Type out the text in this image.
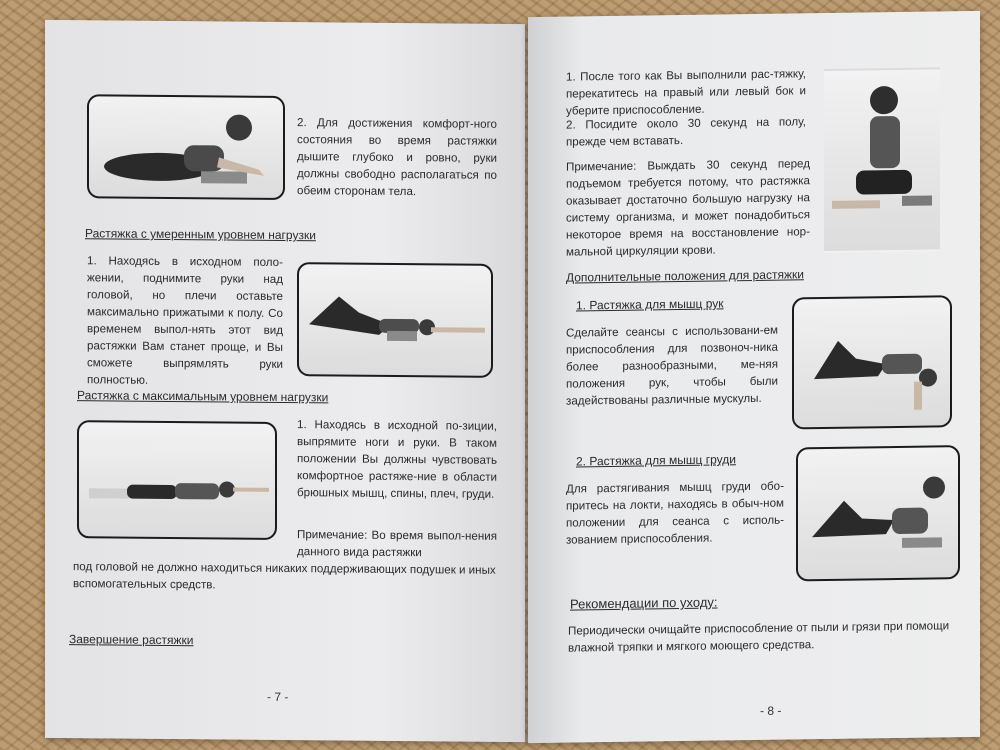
2. Для достижения комфорт-ного состояния во время растяжки дышите глубоко и ровно, руки должны свободно располагаться по обеим сторонам тела.
Растяжка с умеренным уровнем нагрузки
1. Находясь в исходном поло-жении, поднимите руки над головой, но плечи оставьте максимально прижатыми к полу. Со временем выпол-нять этот вид растяжки Вам станет проще, и Вы сможете выпрямлять руки полностью.
Растяжка с максимальным уровнем нагрузки
1. Находясь в исходной по-зиции, выпрямите ноги и руки. В таком положении Вы должны чувствовать комфортное растяже-ние в области брюшных мышц, спины, плеч, груди.
Примечание: Во время выпол-нения данного вида растяжки
под головой не должно находиться никаких поддерживающих подушек и иных вспомогательных средств.
Завершение растяжки
- 7 -
1. После того как Вы выполнили рас-тяжку, перекатитесь на правый или левый бок и уберите приспособление.
2. Посидите около 30 секунд на полу, прежде чем вставать.
Примечание: Выждать 30 секунд перед подъемом требуется потому, что растяжка оказывает достаточно большую нагрузку на систему организма, и может понадобиться некоторое время на восстановление нор-мальной циркуляции крови.
Дополнительные положения для растяжки
1. Растяжка для мышц рук
Сделайте сеансы с использовани-ем приспособления для позвоноч-ника более разнообразными, ме-няя положения рук, чтобы были задействованы различные мускулы.
2. Растяжка для мышц груди
Для растягивания мышц груди обо-притесь на локти, находясь в обыч-ном положении для сеанса с исполь-зованием приспособления.
Рекомендации по уходу:
Периодически очищайте приспособление от пыли и грязи при помощи влажной тряпки и мягкого моющего средства.
- 8 -
